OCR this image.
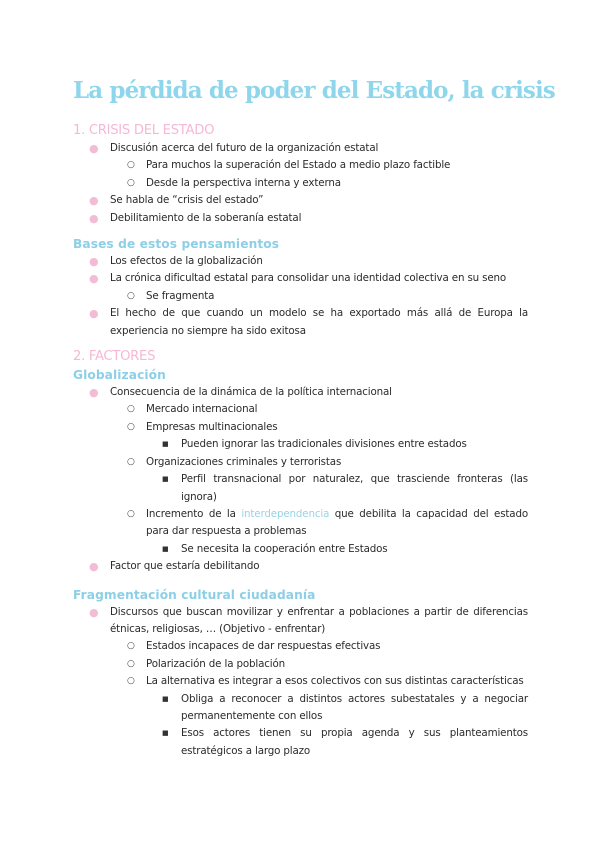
La pérdida de poder del Estado, la crisis
1. CRISIS DEL ESTADO
● Discusión acerca del futuro de la organización estatal
○ Para muchos la superación del Estado a medio plazo factible
○ Desde la perspectiva interna y externa
● Se habla de “crisis del estado”
● Debilitamiento de la soberanía estatal
Bases de estos pensamientos
● Los efectos de la globalización
● La crónica dificultad estatal para consolidar una identidad colectiva en su seno
○ Se fragmenta
● El hecho de que cuando un modelo se ha exportado más allá de Europa la experiencia no siempre ha sido exitosa
2. FACTORES
Globalización
● Consecuencia de la dinámica de la política internacional
○ Mercado internacional
○ Empresas multinacionales
■ Pueden ignorar las tradicionales divisiones entre estados
○ Organizaciones criminales y terroristas
■ Perfil transnacional por naturalez, que trasciende fronteras (las ignora)
○ Incremento de la interdependencia que debilita la capacidad del estado para dar respuesta a problemas
■ Se necesita la cooperación entre Estados
● Factor que estaría debilitando
Fragmentación cultural ciudadanía
● Discursos que buscan movilizar y enfrentar a poblaciones a partir de diferencias étnicas, religiosas, … (Objetivo - enfrentar)
○ Estados incapaces de dar respuestas efectivas
○ Polarización de la población
○ La alternativa es integrar a esos colectivos con sus distintas características
■ Obliga a reconocer a distintos actores subestatales y a negociar permanentemente con ellos
■ Esos actores tienen su propia agenda y sus planteamientos estratégicos a largo plazo
